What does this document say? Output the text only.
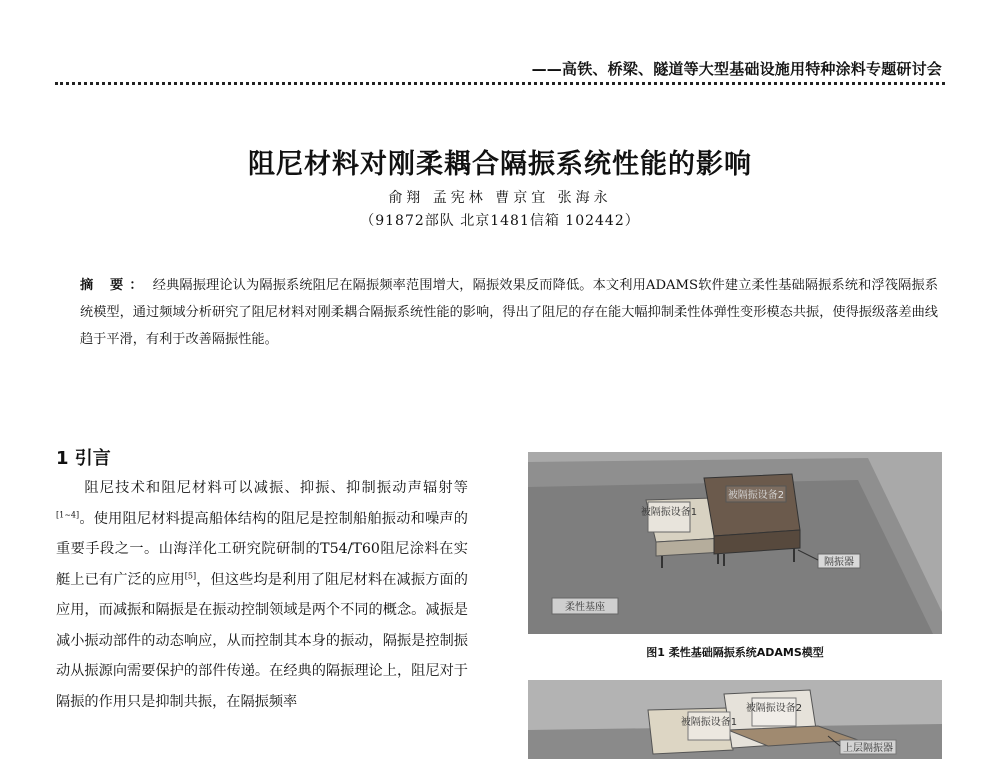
——高铁、桥梁、隧道等大型基础设施用特种涂料专题研讨会
阻尼材料对刚柔耦合隔振系统性能的影响
俞翔 孟宪林 曹京宜 张海永
（91872部队 北京1481信箱 102442）
摘 要： 经典隔振理论认为隔振系统阻尼在隔振频率范围增大，隔振效果反而降低。本文利用ADAMS软件建立柔性基础隔振系统和浮筏隔振系统模型，通过频域分析研究了阻尼材料对刚柔耦合隔振系统性能的影响，得出了阻尼的存在能大幅抑制柔性体弹性变形模态共振，使得振级落差曲线趋于平滑，有利于改善隔振性能。
1 引言
阻尼技术和阻尼材料可以减振、抑振、抑制振动声辐射等[1~4]。使用阻尼材料提高船体结构的阻尼是控制船舶振动和噪声的重要手段之一。山海洋化工研究院研制的T54/T60阻尼涂料在实艇上已有广泛的应用[5]，但这些均是利用了阻尼材料在减振方面的应用，而减振和隔振是在振动控制领域是两个不同的概念。减振是减小振动部件的动态响应，从而控制其本身的振动，隔振是控制振动从振源向需要保护的部件传递。在经典的隔振理论上，阻尼对于隔振的作用只是抑制共振，在隔振频率
被隔振设备1
被隔振设备2
隔振器
柔性基座
图1 柔性基础隔振系统ADAMS模型
被隔振设备1
被隔振设备2
上层隔振器
